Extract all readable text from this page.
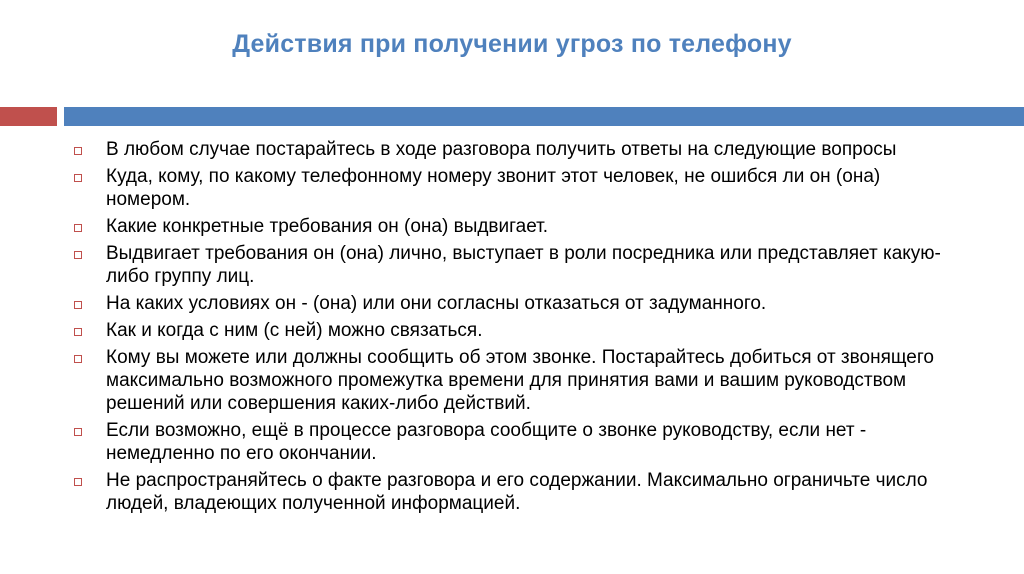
Действия при получении угроз по телефону
В любом случае постарайтесь в ходе разговора получить ответы на следующие вопросы
Куда, кому, по какому телефонному номеру звонит этот человек, не ошибся ли он (она) номером.
Какие конкретные требования он (она) выдвигает.
Выдвигает требования он (она) лично, выступает в роли посредника или представляет какую-либо группу лиц.
На каких условиях он - (она) или они согласны отказаться от задуманного.
Как и когда с ним (с ней) можно связаться.
Кому вы можете или должны сообщить об этом звонке. Постарайтесь добиться от звонящего максимально возможного промежутка времени для принятия вами и вашим руководством решений или совершения каких-либо действий.
Если возможно, ещё в процессе разговора сообщите о звонке руководству, если нет - немедленно по его окончании.
Не распространяйтесь о факте разговора и его содержании. Максимально ограничьте число людей, владеющих полученной информацией.
